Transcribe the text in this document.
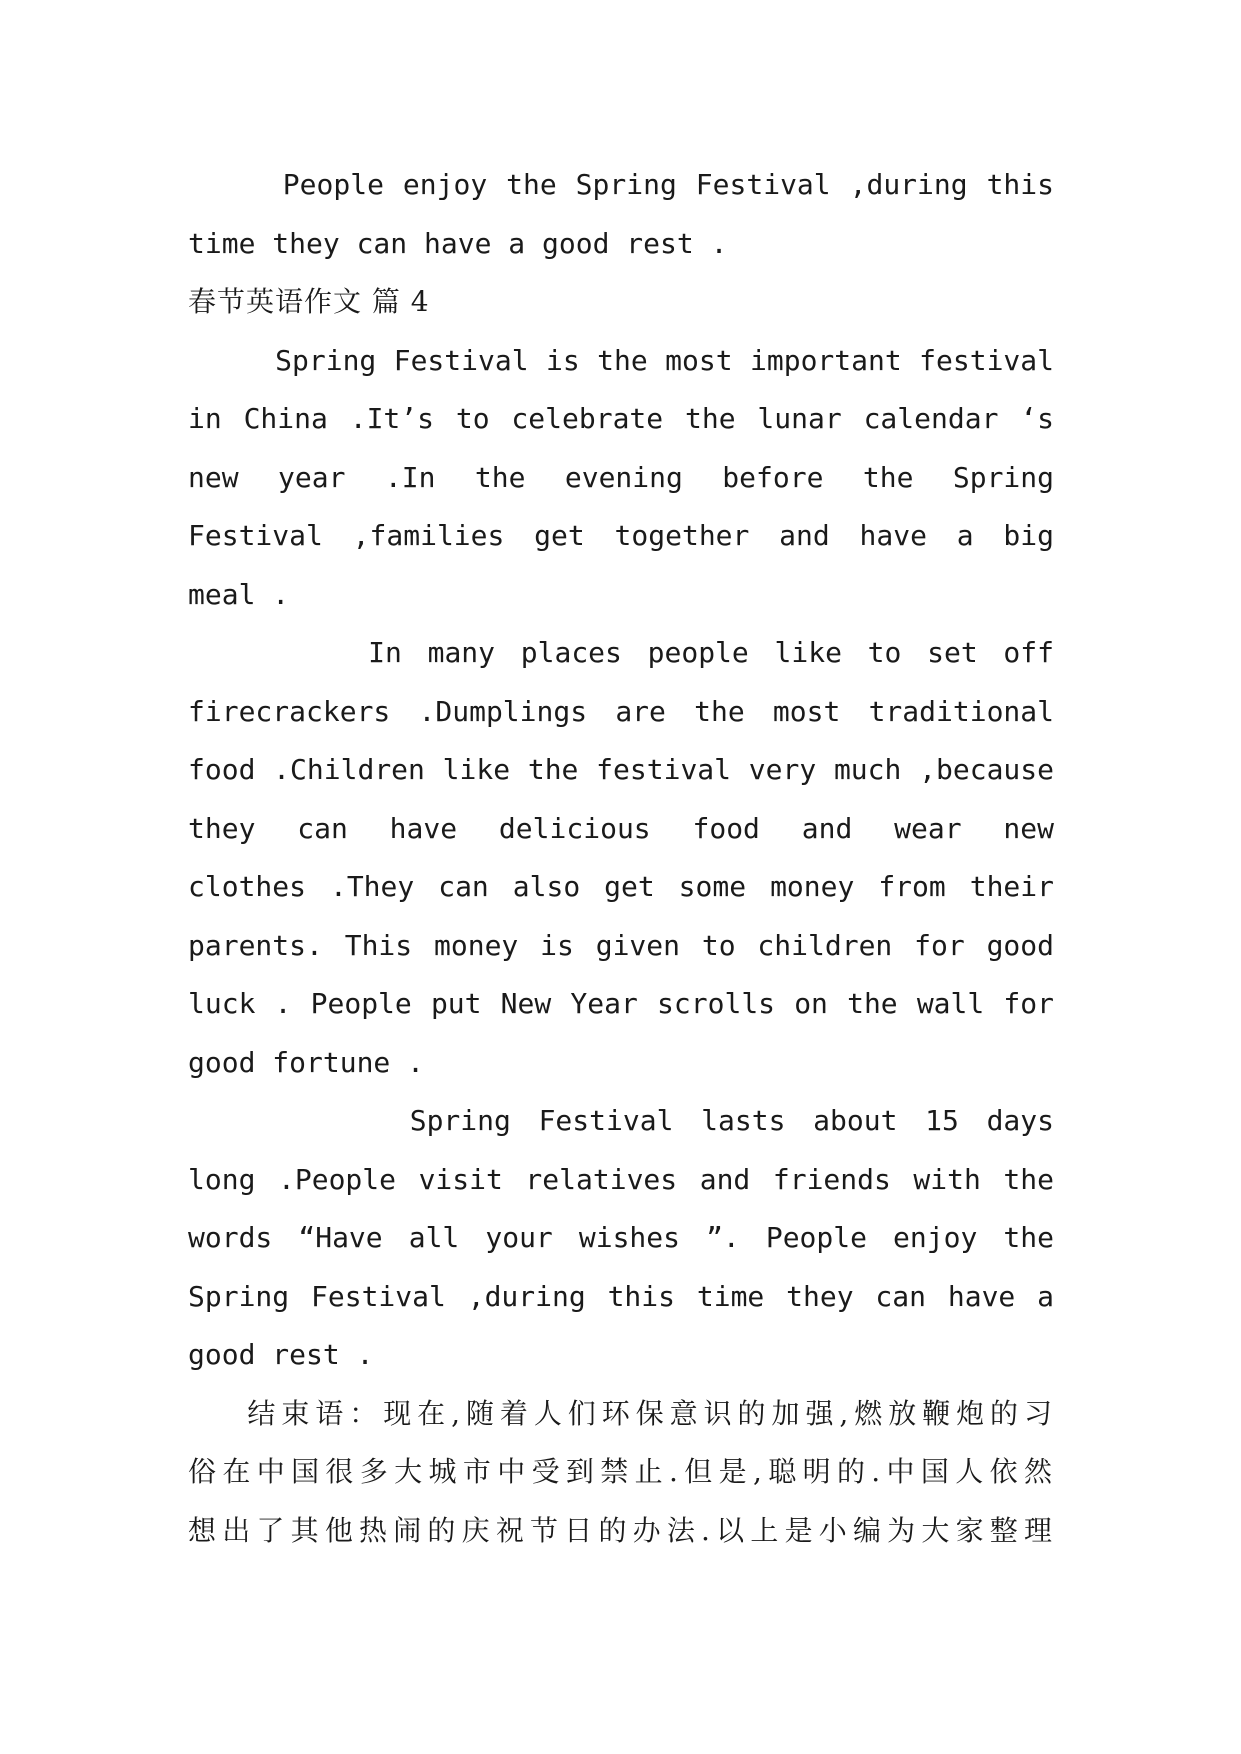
People enjoy the Spring Festival ,during this
time they can have a good rest .
春节英语作文 篇 4
Spring Festival is the most important festival
in China .It’s to celebrate the lunar calendar ‘s
new year .In the evening before the Spring
Festival ,families get together and have a big
meal .
In many places people like to set off
firecrackers .Dumplings are the most traditional
food .Children like the festival very much ,because
they can have delicious food and wear new
clothes .They can also get some money from their
parents. This money is given to children for good
luck . People put New Year scrolls on the wall for
good fortune .
Spring Festival lasts about 15 days
long .People visit relatives and friends with the
words “Have all your wishes ”. People enjoy the
Spring Festival ,during this time they can have a
good rest .
结束语：现在,随着人们环保意识的加强,燃放鞭炮的习
俗在中国很多大城市中受到禁止.但是,聪明的.中国人依然
想出了其他热闹的庆祝节日的办法.以上是小编为大家整理
